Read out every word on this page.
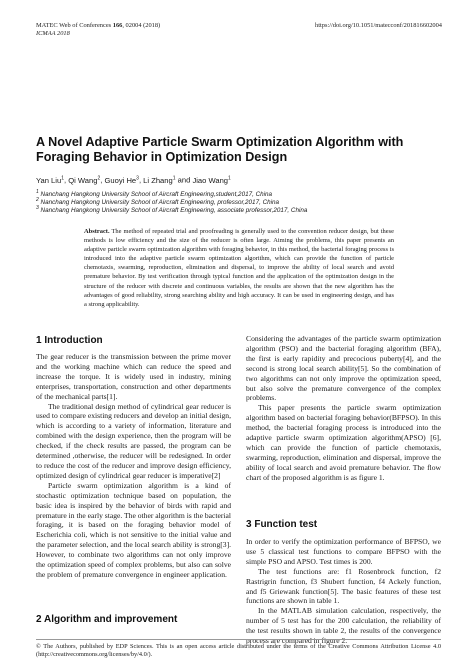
MATEC Web of Conferences 166, 02004 (2018)
ICMAA 2018
https://doi.org/10.1051/matecconf/201816602004
A Novel Adaptive Particle Swarm Optimization Algorithm with Foraging Behavior in Optimization Design
Yan Liu$^1$, Qi Wang$^2$, Guoyi He$^3$, Li Zhang$^1$ and Jiao Wang$^1$
$^1$ Nanchang Hangkong University School of Aircraft Engineering,student,2017, China
$^2$ Nanchang Hangkong University School of Aircraft Engineering, professor,2017, China
$^3$ Nanchang Hangkong University School of Aircraft Engineering, associate professor,2017, China
Abstract. The method of repeated trial and proofreading is generally used to the convention reducer design, but these methods is low efficiency and the size of the reducer is often large. Aiming the problems, this paper presents an adaptive particle swarm optimization algorithm with foraging behavior, in this method, the bacterial foraging process is introduced into the adaptive particle swarm optimization algorithm, which can provide the function of particle chemotaxis, swarming, reproduction, elimination and dispersal, to improve the ability of local search and avoid premature behavior. By test verification through typical function and the application of the optimization design in the structure of the reducer with discrete and continuous variables, the results are shown that the new algorithm has the advantages of good reliability, strong searching ability and high accuracy. It can be used in engineering design, and has a strong applicability.
1 Introduction

The gear reducer is the transmission between the prime mover and the working machine which can reduce the speed and increase the torque. It is widely used in industry, mining enterprises, transportation, construction and other departments of the mechanical parts[1].

The traditional design method of cylindrical gear reducer is used to compare existing reducers and develop an initial design, which is according to a variety of information, literature and combined with the design experience, then the program will be checked, if the check results are passed, the program can be determined ,otherwise, the reducer will be redesigned. In order to reduce the cost of the reducer and improve design efficiency, optimized design of cylindrical gear reducer is imperative[2]

Particle swarm optimization algorithm is a kind of stochastic optimization technique based on population, the basic idea is inspired by the behavior of birds with rapid and premature in the early stage. The other algorithm is the bacterial foraging, it is based on the foraging behavior model of Escherichia coli, which is not sensitive to the initial value and the parameter selection, and the local search ability is strong[3]. However, to combinate two algorithms can not only improve the optimization speed of complex problems, but also can solve the problem of premature convergence in engineer application.

2 Algorithm and improvement

Considering the advantages of the particle swarm optimization algorithm (PSO) and the bacterial foraging algorithm (BFA), the first is early rapidity and precocious puberty[4], and the second is strong local search ability[5]. So the combination of two algorithms can not only improve the optimization speed, but also solve the premature convergence of the complex problems.

This paper presents the particle swarm optimization algorithm based on bacterial foraging behavior(BFPSO). In this method, the bacterial foraging process is introduced into the adaptive particle swarm optimization algorithm(APSO) [6], which can provide the function of particle chemotaxis, swarming, reproduction, elimination and dispersal, improve the ability of local search and avoid premature behavior. The flow chart of the proposed algorithm is as figure 1.

3 Function test

In order to verify the optimization performance of BFPSO, we use 5 classical test functions to compare BFPSO with the simple PSO and APSO. Test times is 200.

The test functions are: f1 Rosenbrock function, f2 Rastrigrin function, f3 Shubert function, f4 Ackely function, and f5 Griewank function[5]. The basic features of these test functions are shown in table 1.

In the MATLAB simulation calculation, respectively, the number of 5 test has for the 200 calculation, the reliability of the test results shown in table 2, the results of the convergence process are compared in figure 2.

© The Authors, published by EDP Sciences. This is an open access article distributed under the terms of the Creative Commons Attribution License 4.0 (http://creativecommons.org/licenses/by/4.0/).
